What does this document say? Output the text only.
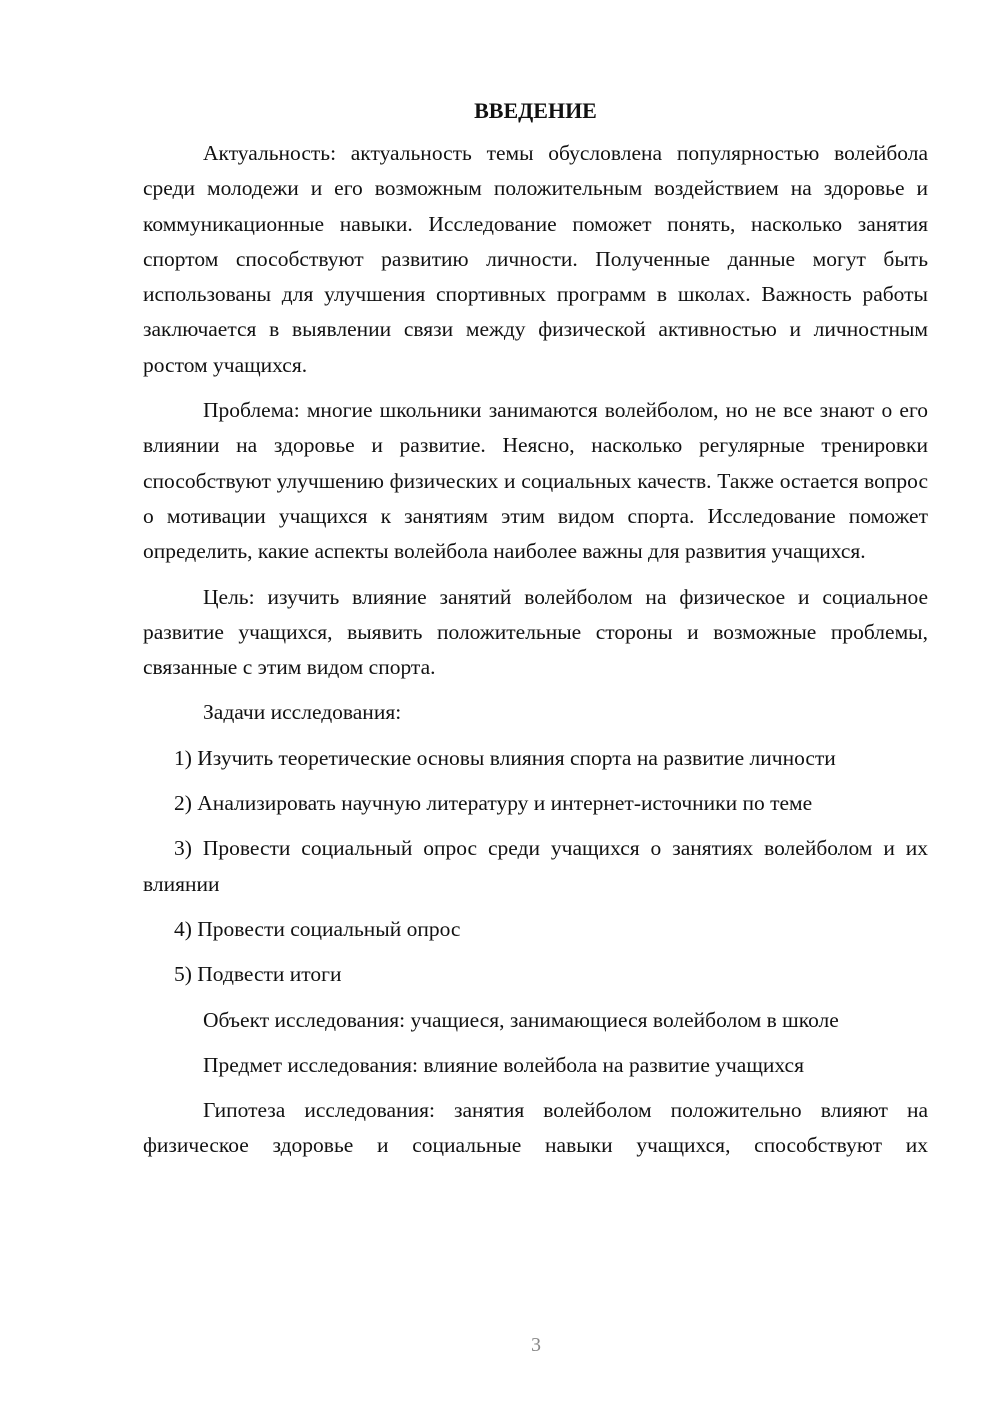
ВВЕДЕНИЕ

Актуальность: актуальность темы обусловлена популярностью волейбола среди молодежи и его возможным положительным воздействием на здоровье и коммуникационные навыки. Исследование поможет понять, насколько занятия спортом способствуют развитию личности. Полученные данные могут быть использованы для улучшения спортивных программ в школах. Важность работы заключается в выявлении связи между физической активностью и личностным ростом учащихся.

Проблема: многие школьники занимаются волейболом, но не все знают о его влиянии на здоровье и развитие. Неясно, насколько регулярные тренировки способствуют улучшению физических и социальных качеств. Также остается вопрос о мотивации учащихся к занятиям этим видом спорта. Исследование поможет определить, какие аспекты волейбола наиболее важны для развития учащихся.

Цель: изучить влияние занятий волейболом на физическое и социальное развитие учащихся, выявить положительные стороны и возможные проблемы, связанные с этим видом спорта.

Задачи исследования:

1) Изучить теоретические основы влияния спорта на развитие личности

2) Анализировать научную литературу и интернет-источники по теме

3) Провести социальный опрос среди учащихся о занятиях волейболом и их влиянии

4) Провести социальный опрос

5) Подвести итоги

Объект исследования: учащиеся, занимающиеся волейболом в школе

Предмет исследования: влияние волейбола на развитие учащихся

Гипотеза исследования: занятия волейболом положительно влияют на физическое здоровье и социальные навыки учащихся, способствуют их

3
